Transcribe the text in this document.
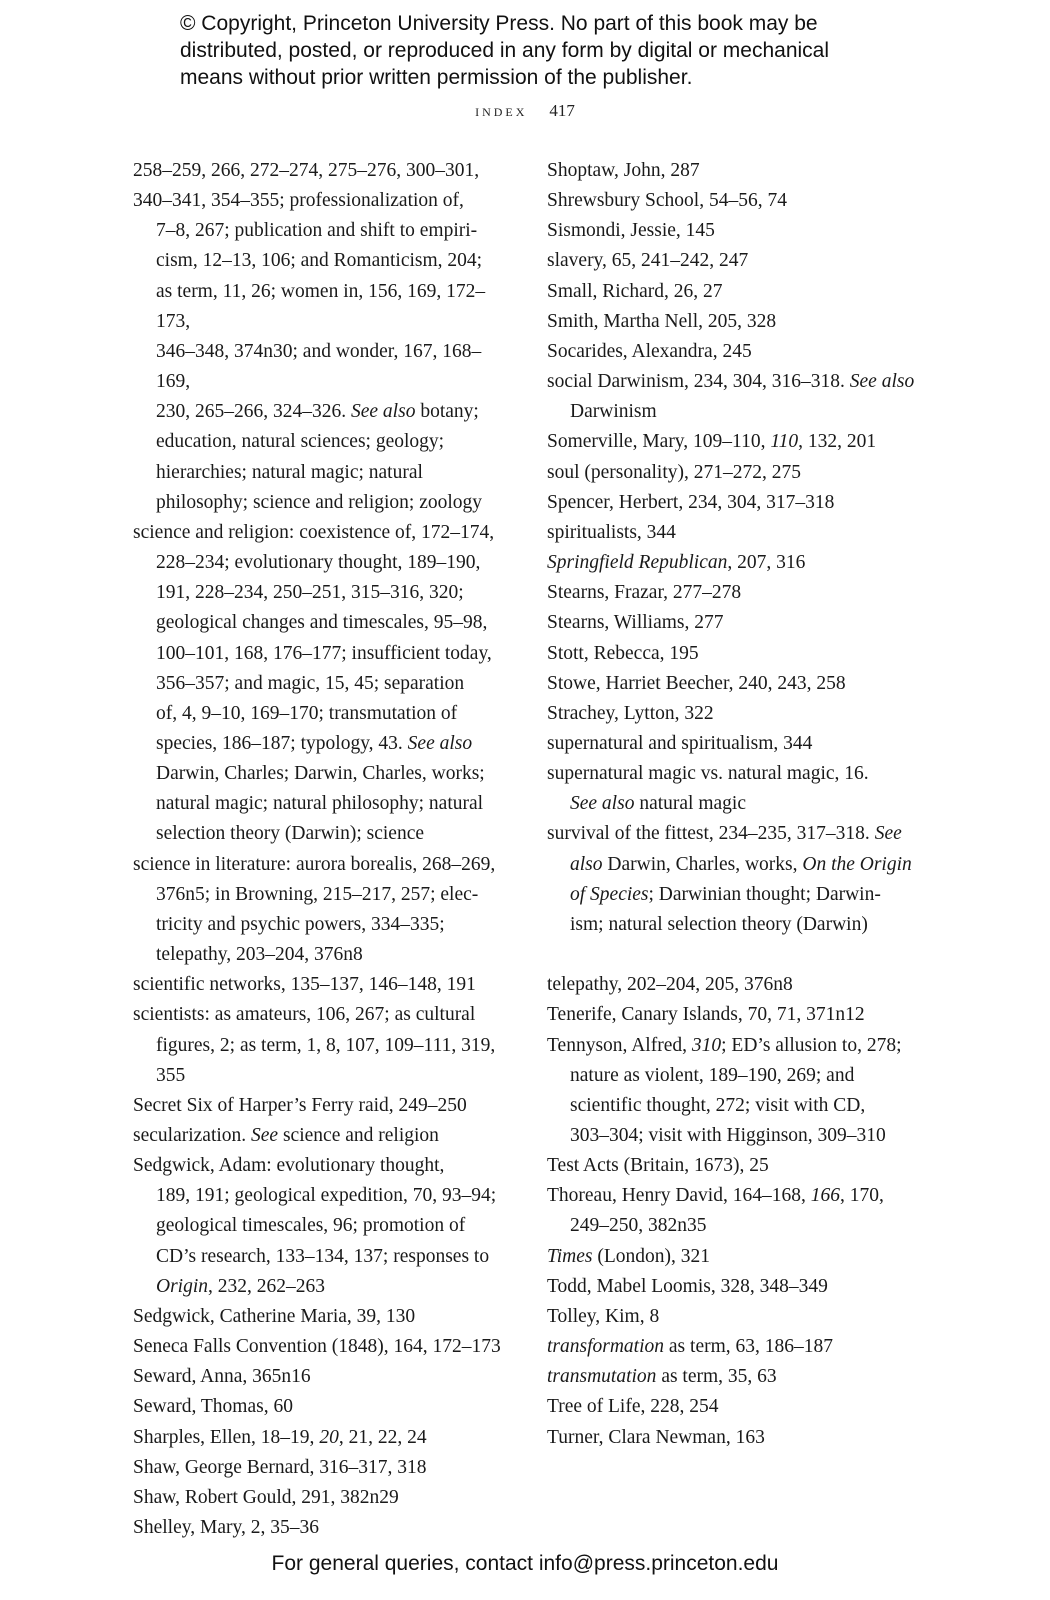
© Copyright, Princeton University Press. No part of this book may be
distributed, posted, or reproduced in any form by digital or mechanical
means without prior written permission of the publisher.
index 417
258–259, 266, 272–274, 275–276, 300–301,
340–341, 354–355; professionalization of,
7–8, 267; publication and shift to empiri-
cism, 12–13, 106; and Romanticism, 204;
as term, 11, 26; women in, 156, 169, 172–173,
346–348, 374n30; and wonder, 167, 168–169,
230, 265–266, 324–326. See also botany;
education, natural sciences; geology;
hierarchies; natural magic; natural
philosophy; science and religion; zoology
science and religion: coexistence of, 172–174,
228–234; evolutionary thought, 189–190,
191, 228–234, 250–251, 315–316, 320;
geological changes and timescales, 95–98,
100–101, 168, 176–177; insufficient today,
356–357; and magic, 15, 45; separation
of, 4, 9–10, 169–170; transmutation of
species, 186–187; typology, 43. See also
Darwin, Charles; Darwin, Charles, works;
natural magic; natural philosophy; natural
selection theory (Darwin); science
science in literature: aurora borealis, 268–269,
376n5; in Browning, 215–217, 257; elec-
tricity and psychic powers, 334–335;
telepathy, 203–204, 376n8
scientific networks, 135–137, 146–148, 191
scientists: as amateurs, 106, 267; as cultural
figures, 2; as term, 1, 8, 107, 109–111, 319, 355
Secret Six of Harper’s Ferry raid, 249–250
secularization. See science and religion
Sedgwick, Adam: evolutionary thought,
189, 191; geological expedition, 70, 93–94;
geological timescales, 96; promotion of
CD’s research, 133–134, 137; responses to
Origin, 232, 262–263
Sedgwick, Catherine Maria, 39, 130
Seneca Falls Convention (1848), 164, 172–173
Seward, Anna, 365n16
Seward, Thomas, 60
Sharples, Ellen, 18–19, 20, 21, 22, 24
Shaw, George Bernard, 316–317, 318
Shaw, Robert Gould, 291, 382n29
Shelley, Mary, 2, 35–36
Shoptaw, John, 287
Shrewsbury School, 54–56, 74
Sismondi, Jessie, 145
slavery, 65, 241–242, 247
Small, Richard, 26, 27
Smith, Martha Nell, 205, 328
Socarides, Alexandra, 245
social Darwinism, 234, 304, 316–318. See also
Darwinism
Somerville, Mary, 109–110, 110, 132, 201
soul (personality), 271–272, 275
Spencer, Herbert, 234, 304, 317–318
spiritualists, 344
Springfield Republican, 207, 316
Stearns, Frazar, 277–278
Stearns, Williams, 277
Stott, Rebecca, 195
Stowe, Harriet Beecher, 240, 243, 258
Strachey, Lytton, 322
supernatural and spiritualism, 344
supernatural magic vs. natural magic, 16.
See also natural magic
survival of the fittest, 234–235, 317–318. See
also Darwin, Charles, works, On the Origin
of Species; Darwinian thought; Darwin-
ism; natural selection theory (Darwin)
telepathy, 202–204, 205, 376n8
Tenerife, Canary Islands, 70, 71, 371n12
Tennyson, Alfred, 310; ED’s allusion to, 278;
nature as violent, 189–190, 269; and
scientific thought, 272; visit with CD,
303–304; visit with Higginson, 309–310
Test Acts (Britain, 1673), 25
Thoreau, Henry David, 164–168, 166, 170,
249–250, 382n35
Times (London), 321
Todd, Mabel Loomis, 328, 348–349
Tolley, Kim, 8
transformation as term, 63, 186–187
transmutation as term, 35, 63
Tree of Life, 228, 254
Turner, Clara Newman, 163
For general queries, contact info@press.princeton.edu
